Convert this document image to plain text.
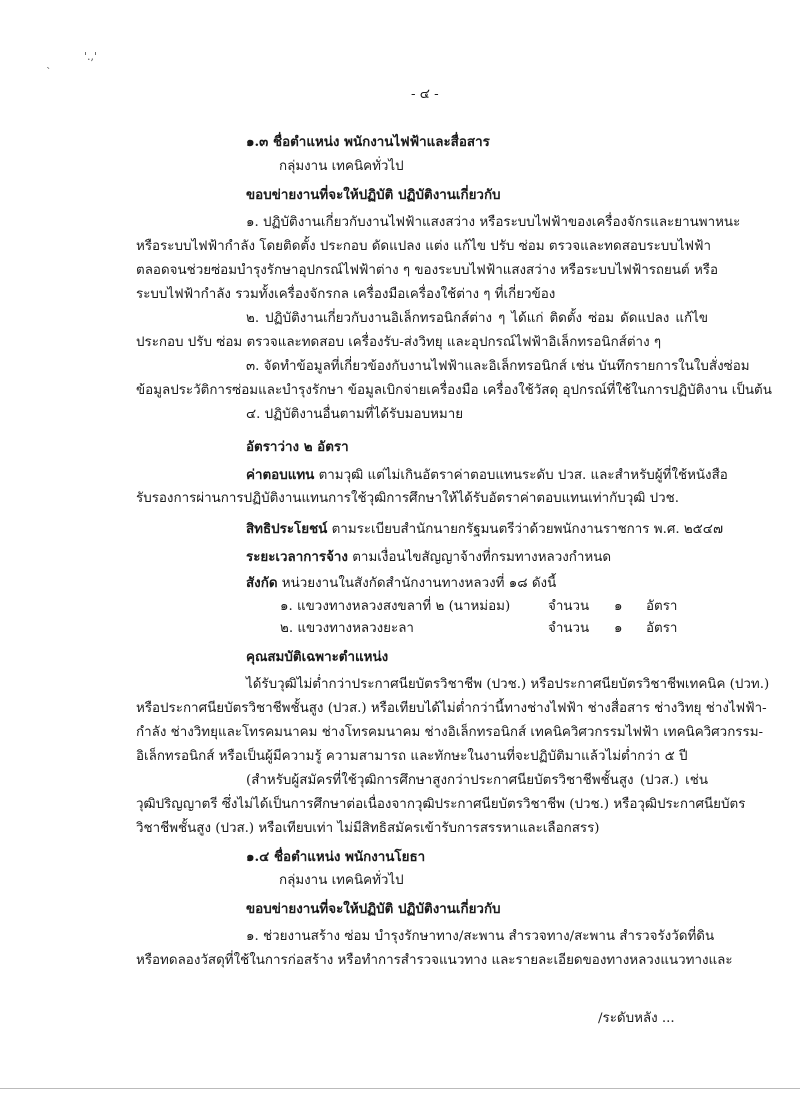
'.,'
`
- ๔ -
๑.๓ ชื่อตำแหน่ง พนักงานไฟฟ้าและสื่อสาร
กลุ่มงาน เทคนิคทั่วไป
ขอบข่ายงานที่จะให้ปฏิบัติ ปฏิบัติงานเกี่ยวกับ
๑. ปฏิบัติงานเกี่ยวกับงานไฟฟ้าแสงสว่าง หรือระบบไฟฟ้าของเครื่องจักรและยานพาหนะ
หรือระบบไฟฟ้ากำลัง โดยติดตั้ง ประกอบ ดัดแปลง แต่ง แก้ไข ปรับ ซ่อม ตรวจและทดสอบระบบไฟฟ้า
ตลอดจนช่วยซ่อมบำรุงรักษาอุปกรณ์ไฟฟ้าต่าง ๆ ของระบบไฟฟ้าแสงสว่าง หรือระบบไฟฟ้ารถยนต์ หรือ
ระบบไฟฟ้ากำลัง รวมทั้งเครื่องจักรกล เครื่องมือเครื่องใช้ต่าง ๆ ที่เกี่ยวข้อง
๒. ปฏิบัติงานเกี่ยวกับงานอิเล็กทรอนิกส์ต่าง ๆ ได้แก่ ติดตั้ง ซ่อม ดัดแปลง แก้ไข
ประกอบ ปรับ ซ่อม ตรวจและทดสอบ เครื่องรับ-ส่งวิทยุ และอุปกรณ์ไฟฟ้าอิเล็กทรอนิกส์ต่าง ๆ
๓. จัดทำข้อมูลที่เกี่ยวข้องกับงานไฟฟ้าและอิเล็กทรอนิกส์ เช่น บันทึกรายการในใบสั่งซ่อม
ข้อมูลประวัติการซ่อมและบำรุงรักษา ข้อมูลเบิกจ่ายเครื่องมือ เครื่องใช้วัสดุ อุปกรณ์ที่ใช้ในการปฏิบัติงาน เป็นต้น
๔. ปฏิบัติงานอื่นตามที่ได้รับมอบหมาย
อัตราว่าง ๒ อัตรา
ค่าตอบแทน ตามวุฒิ แต่ไม่เกินอัตราค่าตอบแทนระดับ ปวส. และสำหรับผู้ที่ใช้หนังสือ
รับรองการผ่านการปฏิบัติงานแทนการใช้วุฒิการศึกษาให้ได้รับอัตราค่าตอบแทนเท่ากับวุฒิ ปวช.
สิทธิประโยชน์ ตามระเบียบสำนักนายกรัฐมนตรีว่าด้วยพนักงานราชการ พ.ศ. ๒๕๔๗
ระยะเวลาการจ้าง ตามเงื่อนไขสัญญาจ้างที่กรมทางหลวงกำหนด
สังกัด หน่วยงานในสังกัดสำนักงานทางหลวงที่ ๑๘ ดังนี้
๑. แขวงทางหลวงสงขลาที่ ๒ (นาหม่อม)	จำนวน ๑ อัตรา
๒. แขวงทางหลวงยะลา	จำนวน ๑ อัตรา
คุณสมบัติเฉพาะตำแหน่ง
ได้รับวุฒิไม่ต่ำกว่าประกาศนียบัตรวิชาชีพ (ปวช.) หรือประกาศนียบัตรวิชาชีพเทคนิค (ปวท.)
หรือประกาศนียบัตรวิชาชีพชั้นสูง (ปวส.) หรือเทียบได้ไม่ต่ำกว่านี้ทางช่างไฟฟ้า ช่างสื่อสาร ช่างวิทยุ ช่างไฟฟ้า-
กำลัง ช่างวิทยุและโทรคมนาคม ช่างโทรคมนาคม ช่างอิเล็กทรอนิกส์ เทคนิควิศวกรรมไฟฟ้า เทคนิควิศวกรรม-
อิเล็กทรอนิกส์ หรือเป็นผู้มีความรู้ ความสามารถ และทักษะในงานที่จะปฏิบัติมาแล้วไม่ต่ำกว่า ๕ ปี
(สำหรับผู้สมัครที่ใช้วุฒิการศึกษาสูงกว่าประกาศนียบัตรวิชาชีพชั้นสูง (ปวส.) เช่น
วุฒิปริญญาตรี ซึ่งไม่ได้เป็นการศึกษาต่อเนื่องจากวุฒิประกาศนียบัตรวิชาชีพ (ปวช.) หรือวุฒิประกาศนียบัตร
วิชาชีพชั้นสูง (ปวส.) หรือเทียบเท่า ไม่มีสิทธิสมัครเข้ารับการสรรหาและเลือกสรร)
๑.๔ ชื่อตำแหน่ง พนักงานโยธา
กลุ่มงาน เทคนิคทั่วไป
ขอบข่ายงานที่จะให้ปฏิบัติ ปฏิบัติงานเกี่ยวกับ
๑. ช่วยงานสร้าง ซ่อม บำรุงรักษาทาง/สะพาน สำรวจทาง/สะพาน สำรวจรังวัดที่ดิน
หรือทดลองวัสดุที่ใช้ในการก่อสร้าง หรือทำการสำรวจแนวทาง และรายละเอียดของทางหลวงแนวทางและ
/ระดับหลัง ...
